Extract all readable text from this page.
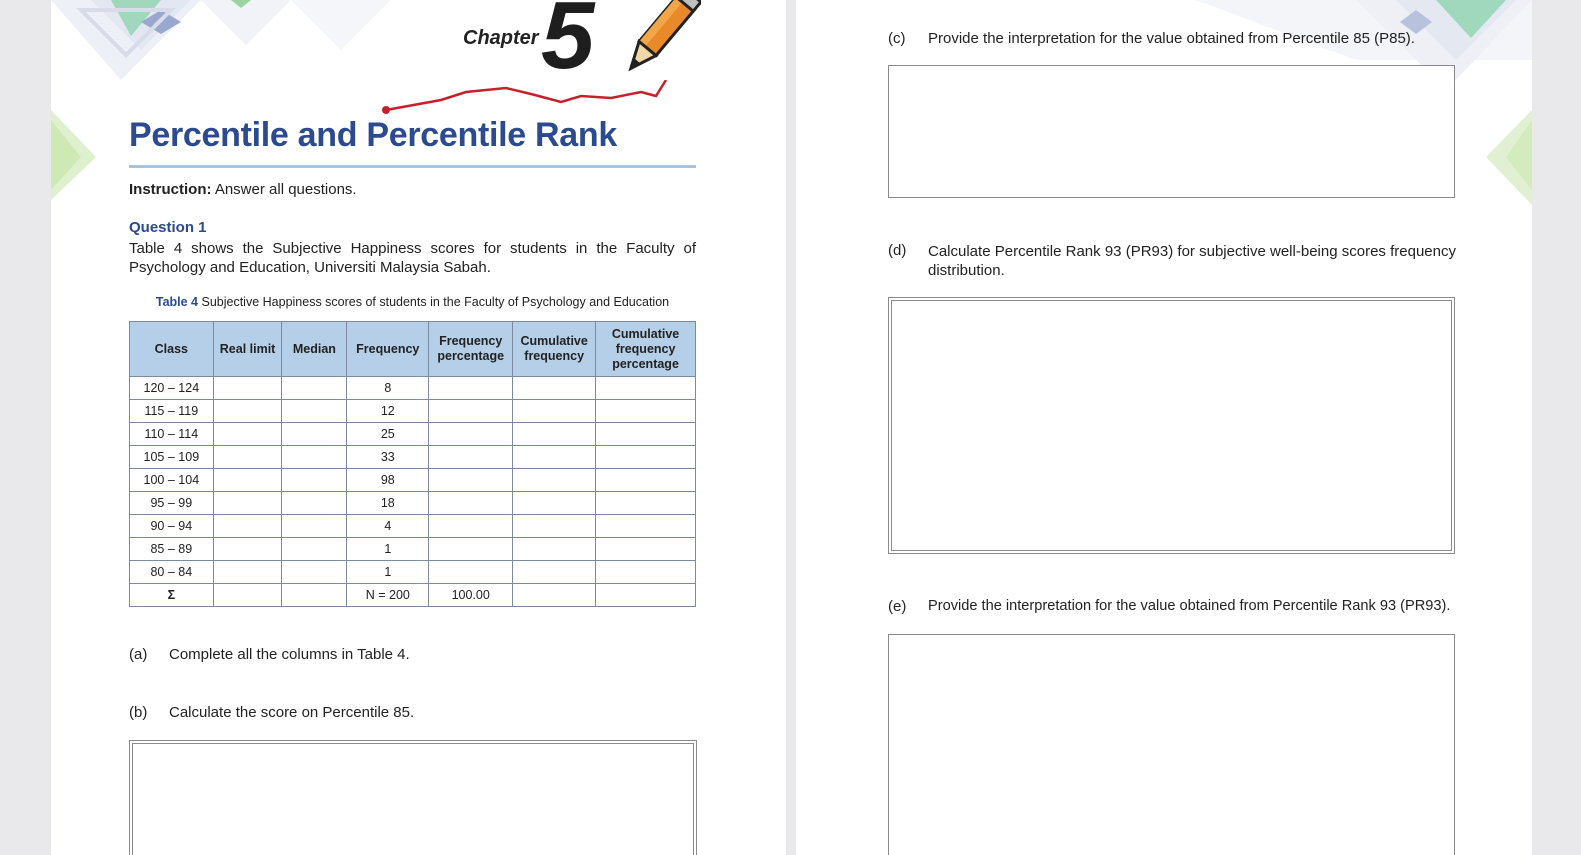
Chapter 5
Percentile and Percentile Rank
Instruction: Answer all questions.
Question 1
Table 4 shows the Subjective Happiness scores for students in the Faculty of Psychology and Education, Universiti Malaysia Sabah.
Table 4 Subjective Happiness scores of students in the Faculty of Psychology and Education
Class	Real limit	Median	Frequency	Frequency percentage	Cumulative frequency	Cumulative frequency percentage
120 – 124			8			
115 – 119			12			
110 – 114			25			
105 – 109			33			
100 – 104			98			
95 – 99			18			
90 – 94			4			
85 – 89			1			
80 – 84			1			
Σ			N = 200	100.00		
(a) Complete all the columns in Table 4.
(b) Calculate the score on Percentile 85.
(c) Provide the interpretation for the value obtained from Percentile 85 (P85).
(d) Calculate Percentile Rank 93 (PR93) for subjective well-being scores frequency distribution.
(e) Provide the interpretation for the value obtained from Percentile Rank 93 (PR93).
